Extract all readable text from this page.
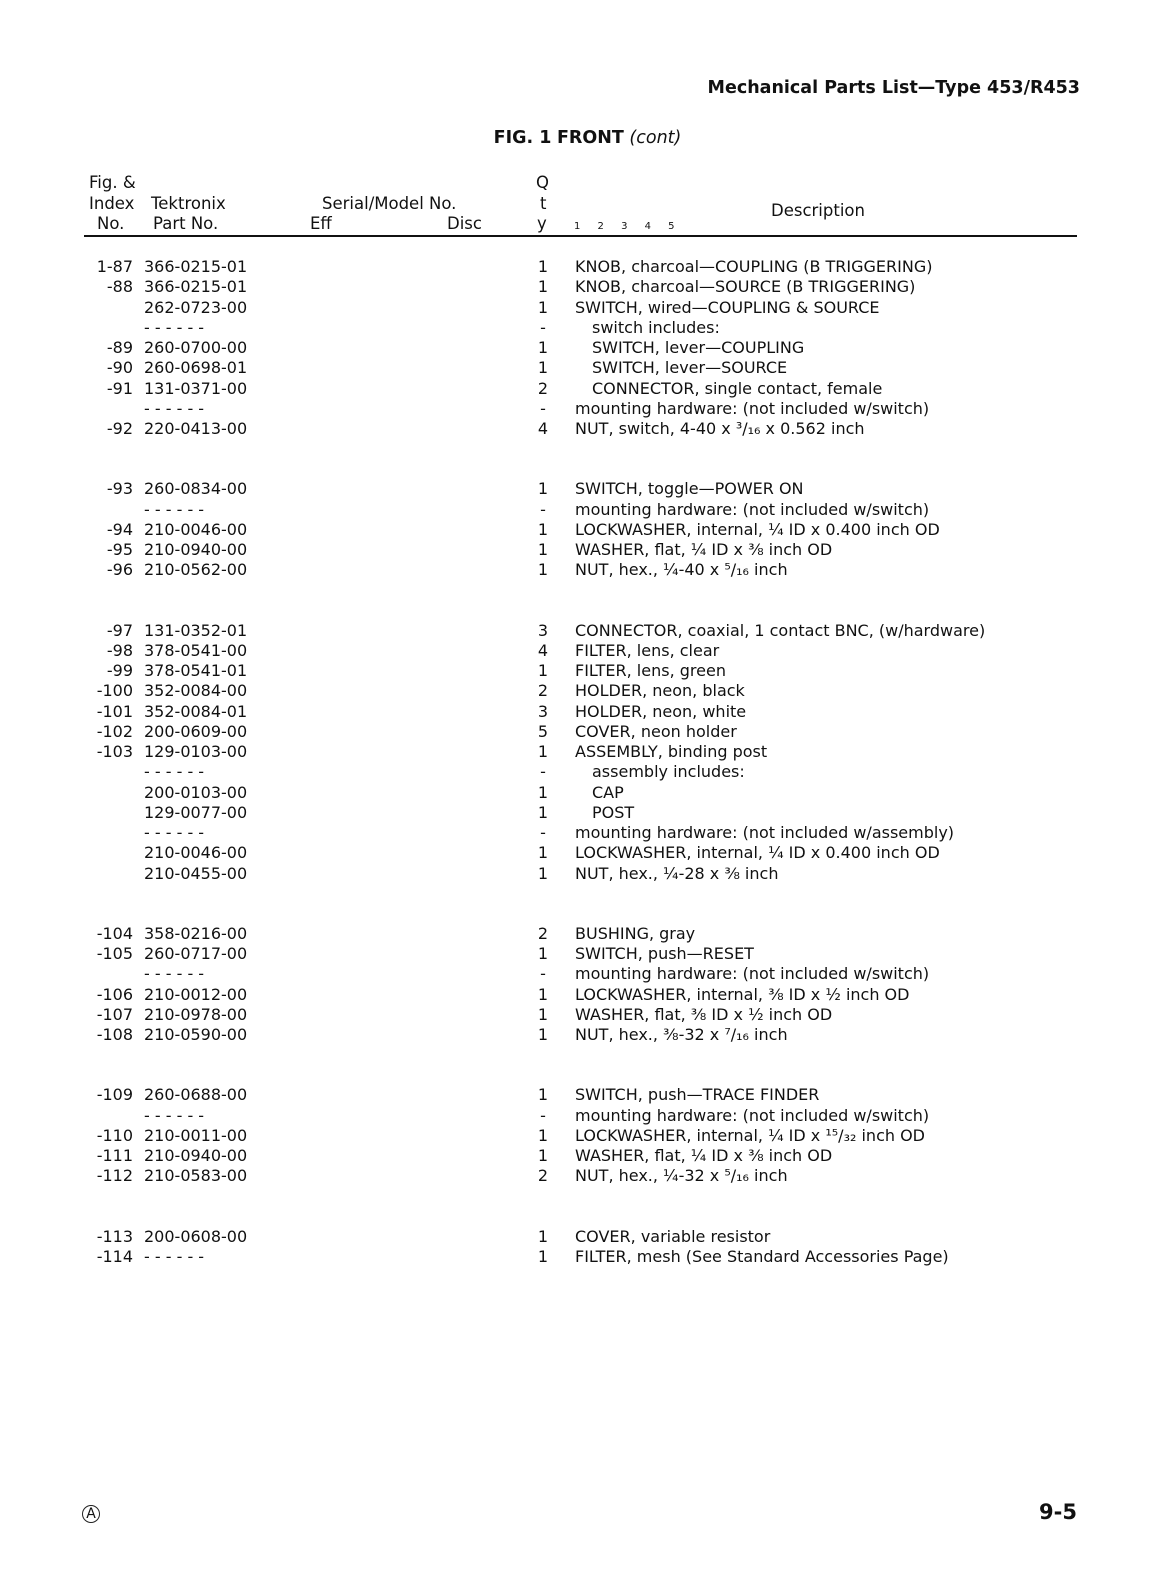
Mechanical Parts List—Type 453/R453
FIG. 1 FRONT (cont)
Fig. &
Index
No.
Tektronix
Part No.
Serial/Model No.
Eff	Disc
Q
t
y	1 2 3 4 5
Description
1-87 366-0215-01	1 KNOB, charcoal—COUPLING (B TRIGGERING)
-88 366-0215-01	1 KNOB, charcoal—SOURCE (B TRIGGERING)
262-0723-00	1 SWITCH, wired—COUPLING & SOURCE
- - - - - -	-	switch includes:
-89 260-0700-00	1	SWITCH, lever—COUPLING
-90 260-0698-01	1	SWITCH, lever—SOURCE
-91 131-0371-00	2	CONNECTOR, single contact, female
- - - - - -	- mounting hardware: (not included w/switch)
-92 220-0413-00	4 NUT, switch, 4-40 x ³/₁₆ x 0.562 inch
-93 260-0834-00	1 SWITCH, toggle—POWER ON
- - - - - -	- mounting hardware: (not included w/switch)
-94 210-0046-00	1 LOCKWASHER, internal, ¼ ID x 0.400 inch OD
-95 210-0940-00	1 WASHER, flat, ¼ ID x ⅜ inch OD
-96 210-0562-00	1 NUT, hex., ¼-40 x ⁵/₁₆ inch
-97 131-0352-01	3 CONNECTOR, coaxial, 1 contact BNC, (w/hardware)
-98 378-0541-00	4 FILTER, lens, clear
-99 378-0541-01	1 FILTER, lens, green
-100 352-0084-00	2 HOLDER, neon, black
-101 352-0084-01	3 HOLDER, neon, white
-102 200-0609-00	5 COVER, neon holder
-103 129-0103-00	1 ASSEMBLY, binding post
- - - - - -	-	assembly includes:
200-0103-00	1	CAP
129-0077-00	1	POST
- - - - - -	- mounting hardware: (not included w/assembly)
210-0046-00	1 LOCKWASHER, internal, ¼ ID x 0.400 inch OD
210-0455-00	1 NUT, hex., ¼-28 x ⅜ inch
-104 358-0216-00	2 BUSHING, gray
-105 260-0717-00	1 SWITCH, push—RESET
- - - - - -	- mounting hardware: (not included w/switch)
-106 210-0012-00	1 LOCKWASHER, internal, ⅜ ID x ½ inch OD
-107 210-0978-00	1 WASHER, flat, ⅜ ID x ½ inch OD
-108 210-0590-00	1 NUT, hex., ⅜-32 x ⁷/₁₆ inch
-109 260-0688-00	1 SWITCH, push—TRACE FINDER
- - - - - -	- mounting hardware: (not included w/switch)
-110 210-0011-00	1 LOCKWASHER, internal, ¼ ID x ¹⁵/₃₂ inch OD
-111 210-0940-00	1 WASHER, flat, ¼ ID x ⅜ inch OD
-112 210-0583-00	2 NUT, hex., ¼-32 x ⁵/₁₆ inch
-113 200-0608-00	1 COVER, variable resistor
-114 - - - - - -	1 FILTER, mesh (See Standard Accessories Page)
A	9-5
